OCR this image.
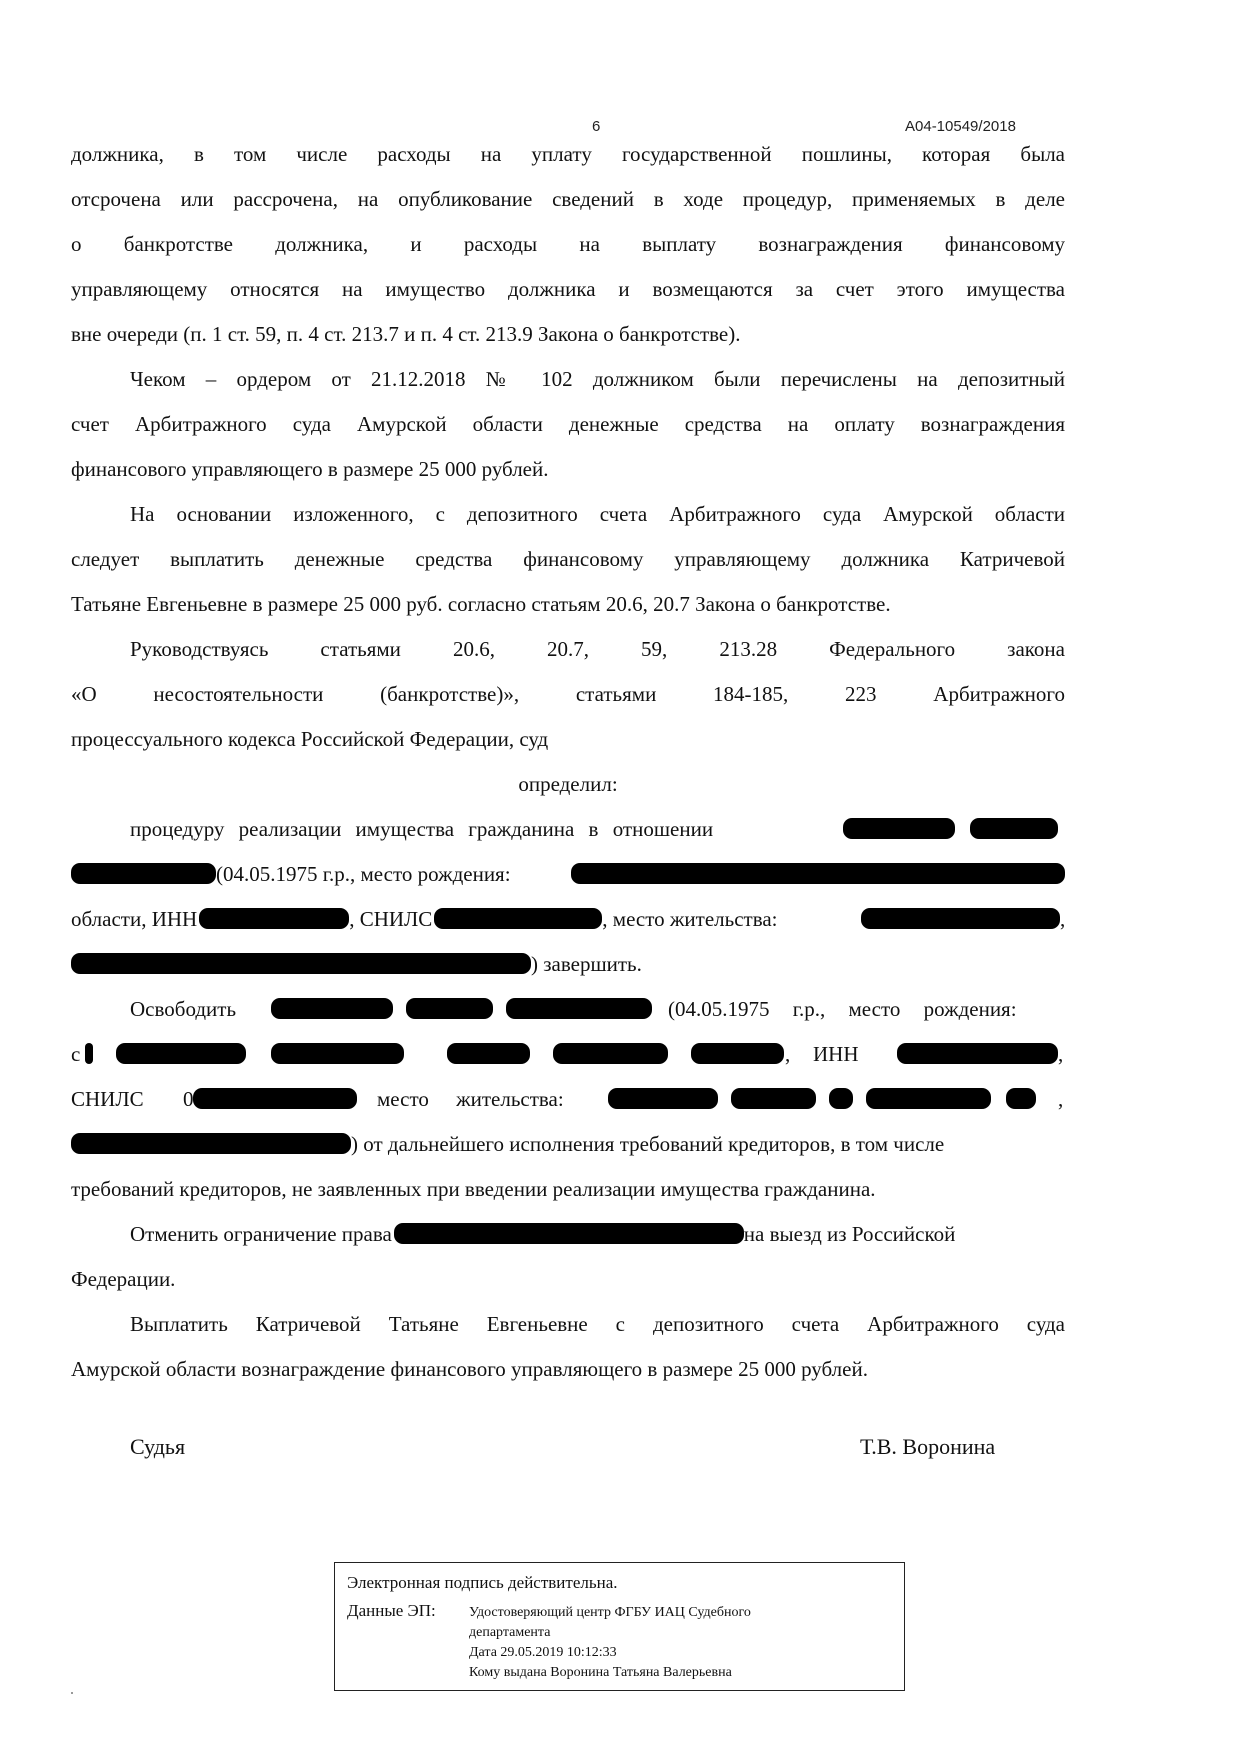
6	А04-10549/2018
должника, в том числе расходы на уплату государственной пошлины, которая была
отсрочена или рассрочена, на опубликование сведений в ходе процедур, применяемых в деле
о банкротстве должника, и расходы на выплату вознаграждения финансовому
управляющему относятся на имущество должника и возмещаются за счет этого имущества
вне очереди (п. 1 ст. 59, п. 4 ст. 213.7 и п. 4 ст. 213.9 Закона о банкротстве).
Чеком – ордером от 21.12.2018 № 102 должником были перечислены на депозитный
счет Арбитражного суда Амурской области денежные средства на оплату вознаграждения
финансового управляющего в размере 25 000 рублей.
На основании изложенного, с депозитного счета Арбитражного суда Амурской области
следует выплатить денежные средства финансовому управляющему должника Катричевой
Татьяне Евгеньевне в размере 25 000 руб. согласно статьям 20.6, 20.7 Закона о банкротстве.
Руководствуясь статьями 20.6, 20.7, 59, 213.28 Федерального закона
«О несостоятельности (банкротстве)», статьями 184-185, 223 Арбитражного
процессуального кодекса Российской Федерации, суд
определил:
процедуру реализации имущества гражданина в отношении
(04.05.1975 г.р., место рождения:
области, ИНН	, СНИЛС	, место жительства:	,
) завершить.
Освободить	(04.05.1975 г.р., место рождения:
с	, ИНН	,
СНИЛС 0	место жительства:	,
) от дальнейшего исполнения требований кредиторов, в том числе
требований кредиторов, не заявленных при введении реализации имущества гражданина.
Отменить ограничение права	на выезд из Российской
Федерации.
Выплатить Катричевой Татьяне Евгеньевне с депозитного счета Арбитражного суда
Амурской области вознаграждение финансового управляющего в размере 25 000 рублей.
Судья	Т.В. Воронина
Электронная подпись действительна.
Данные ЭП: Удостоверяющий центр ФГБУ ИАЦ Судебного
департамента
Дата 29.05.2019 10:12:33
Кому выдана Воронина Татьяна Валерьевна
